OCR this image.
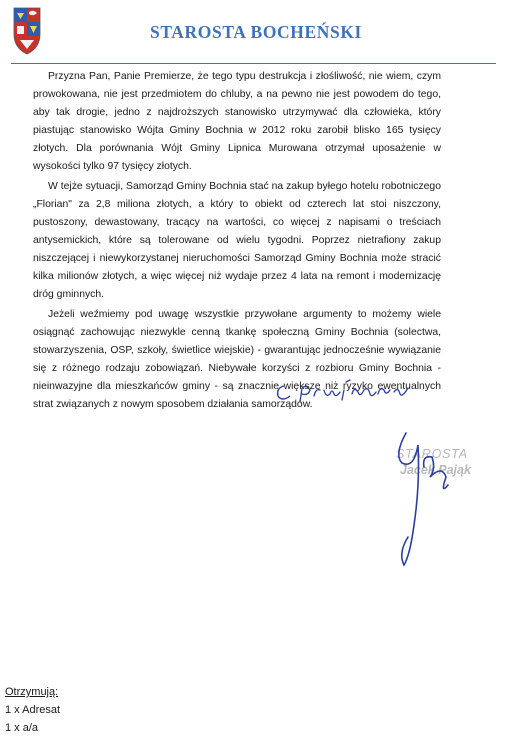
STAROSTA BOCHEŃSKI

Przyzna Pan, Panie Premierze, że tego typu destrukcja i złośliwość, nie wiem, czym prowokowana, nie jest przedmiotem do chluby, a na pewno nie jest powodem do tego, aby tak drogie, jedno z najdroższych stanowisko utrzymywać dla człowieka, który piastując stanowisko Wójta Gminy Bochnia w 2012 roku zarobił blisko 165 tysięcy złotych. Dla porównania Wójt Gminy Lipnica Murowana otrzymał uposażenie w wysokości tylko 97 tysięcy złotych.

W tejże sytuacji, Samorząd Gminy Bochnia stać na zakup byłego hotelu robotniczego „Florian" za 2,8 miliona złotych, a który to obiekt od czterech lat stoi niszczony, pustoszony, dewastowany, tracący na wartości, co więcej z napisami o treściach antysemickich, które są tolerowane od wielu tygodni. Poprzez nietrafiony zakup niszczejącej i niewykorzystanej nieruchomości Samorząd Gminy Bochnia może stracić kilka milionów złotych, a więc więcej niż wydaje przez 4 lata na remont i modernizację dróg gminnych.

Jeżeli weźmiemy pod uwagę wszystkie przywołane argumenty to możemy wiele osiągnąć zachowując niezwykle cenną tkankę społeczną Gminy Bochnia (solectwa, stowarzyszenia, OSP, szkoły, świetlice wiejskie) - gwarantując jednocześnie wywiązanie się z różnego rodzaju zobowiązań. Niebywałe korzyści z rozbioru Gminy Bochnia - nieinwazyjne dla mieszkańców gminy - są znacznie większe niż ryzyko ewentualnych strat związanych z nowym sposobem działania samorządów.

STAROSTA
Jacek Pająk
Otrzymują:
1 x Adresat
1 x a/a
